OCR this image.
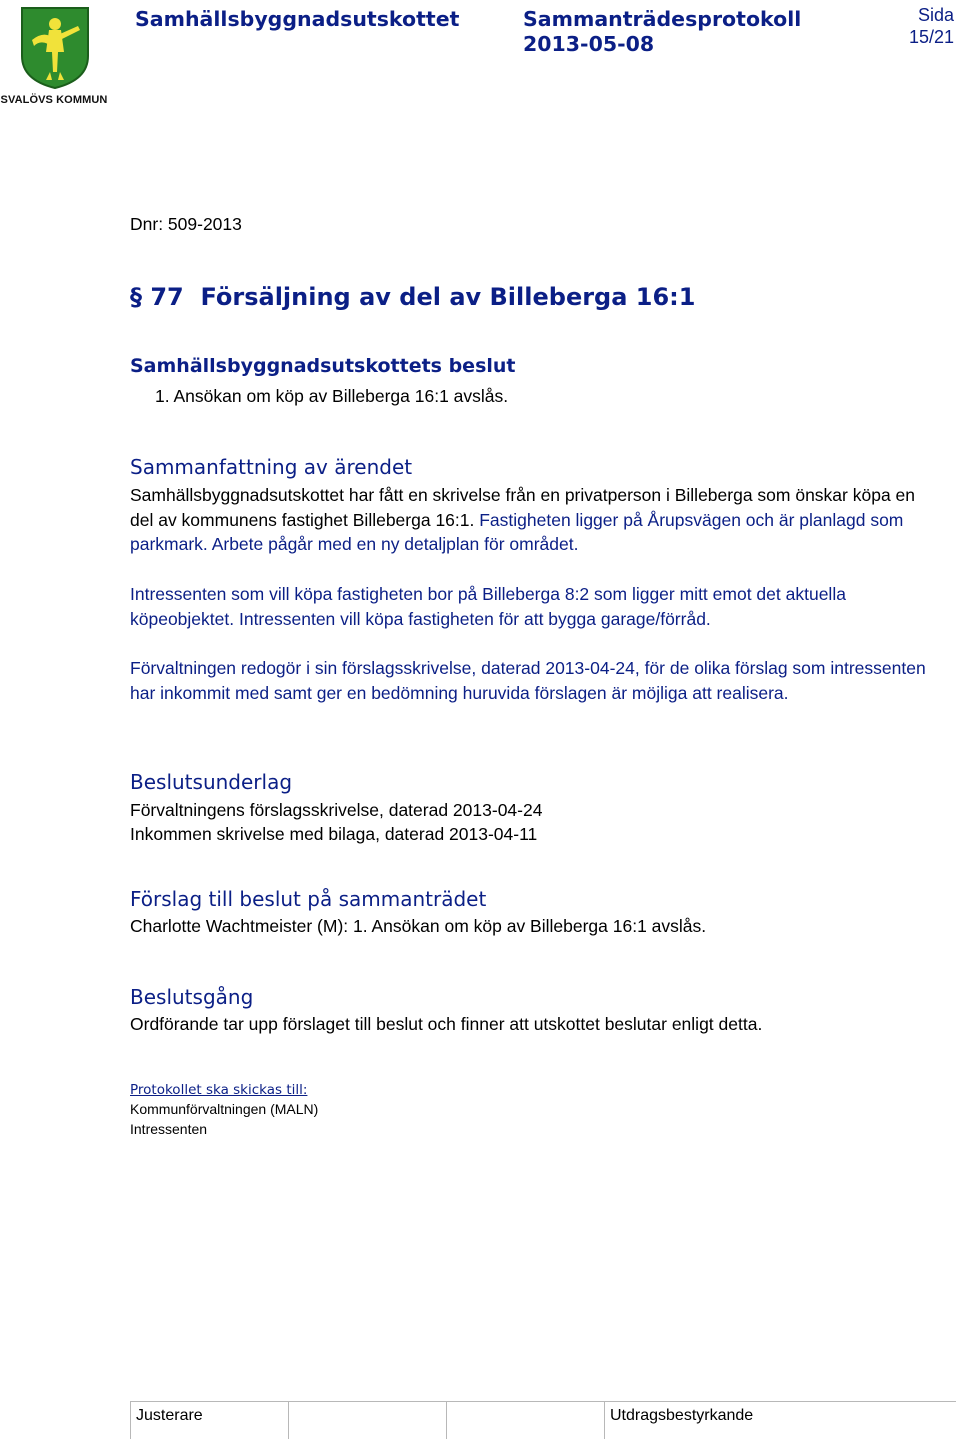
SVALÖVS KOMMUN
Samhällsbyggnadsutskottet	Sammanträdesprotokoll
2013-05-08
Sida
15/21
Dnr: 509-2013
§ 77  Försäljning av del av Billeberga 16:1
Samhällsbyggnadsutskottets beslut
1. Ansökan om köp av Billeberga 16:1 avslås.
Sammanfattning av ärendet
Samhällsbyggnadsutskottet har fått en skrivelse från en privatperson i Billeberga som önskar köpa en del av kommunens fastighet Billeberga 16:1. Fastigheten ligger på Årupsvägen och är planlagd som parkmark. Arbete pågår med en ny detaljplan för området.
Intressenten som vill köpa fastigheten bor på Billeberga 8:2 som ligger mitt emot det aktuella köpeobjektet. Intressenten vill köpa fastigheten för att bygga garage/förråd.
Förvaltningen redogör i sin förslagsskrivelse, daterad 2013-04-24, för de olika förslag som intressenten har inkommit med samt ger en bedömning huruvida förslagen är möjliga att realisera.
Beslutsunderlag
Förvaltningens förslagsskrivelse, daterad 2013-04-24
Inkommen skrivelse med bilaga, daterad 2013-04-11
Förslag till beslut på sammanträdet
Charlotte Wachtmeister (M): 1. Ansökan om köp av Billeberga 16:1 avslås.
Beslutsgång
Ordförande tar upp förslaget till beslut och finner att utskottet beslutar enligt detta.
Protokollet ska skickas till:
Kommunförvaltningen (MALN)
Intressenten
Justerare	Utdragsbestyrkande
